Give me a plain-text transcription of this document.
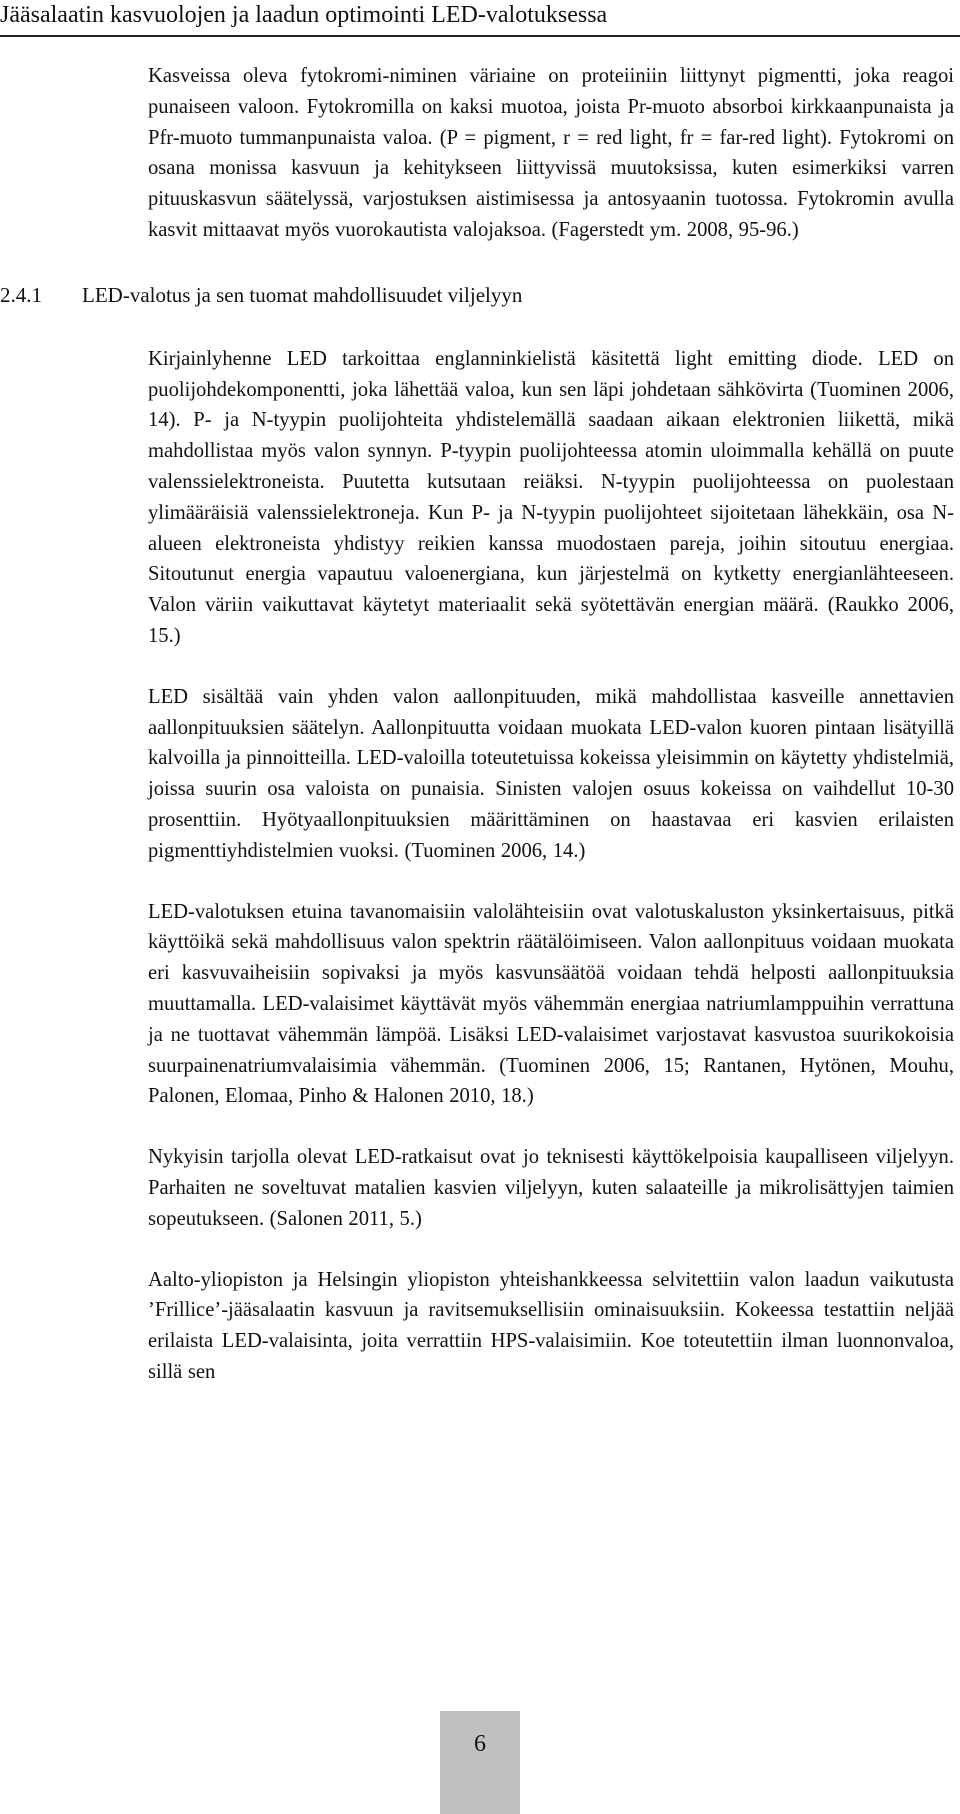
Jääsalaatin kasvuolojen ja laadun optimointi LED-valotuksessa

Kasveissa oleva fytokromi-niminen väriaine on proteiiniin liittynyt pigmentti, joka reagoi punaiseen valoon. Fytokromilla on kaksi muotoa, joista Pr-muoto absorboi kirkkaanpunaista ja Pfr-muoto tummanpunaista valoa. (P = pigment, r = red light, fr = far-red light). Fytokromi on osana monissa kasvuun ja kehitykseen liittyvissä muutoksissa, kuten esimerkiksi varren pituuskasvun säätelyssä, varjostuksen aistimisessa ja antosyaanin tuotossa. Fytokromin avulla kasvit mittaavat myös vuorokautista valojaksoa. (Fagerstedt ym. 2008, 95-96.)

2.4.1 LED-valotus ja sen tuomat mahdollisuudet viljelyyn

Kirjainlyhenne LED tarkoittaa englanninkielistä käsitettä light emitting diode. LED on puolijohdekomponentti, joka lähettää valoa, kun sen läpi johdetaan sähkövirta (Tuominen 2006, 14). P- ja N-tyypin puolijohteita yhdistelemällä saadaan aikaan elektronien liikettä, mikä mahdollistaa myös valon synnyn. P-tyypin puolijohteessa atomin uloimmalla kehällä on puute valenssielektroneista. Puutetta kutsutaan reiäksi. N-tyypin puolijohteessa on puolestaan ylimääräisiä valenssielektroneja. Kun P- ja N-tyypin puolijohteet sijoitetaan lähekkäin, osa N-alueen elektroneista yhdistyy reikien kanssa muodostaen pareja, joihin sitoutuu energiaa. Sitoutunut energia vapautuu valoenergiana, kun järjestelmä on kytketty energianlähteeseen. Valon väriin vaikuttavat käytetyt materiaalit sekä syötettävän energian määrä. (Raukko 2006, 15.)

LED sisältää vain yhden valon aallonpituuden, mikä mahdollistaa kasveille annettavien aallonpituuksien säätelyn. Aallonpituutta voidaan muokata LED-valon kuoren pintaan lisätyillä kalvoilla ja pinnoitteilla. LED-valoilla toteutetuissa kokeissa yleisimmin on käytetty yhdistelmiä, joissa suurin osa valoista on punaisia. Sinisten valojen osuus kokeissa on vaihdellut 10-30 prosenttiin. Hyötyaallonpituuksien määrittäminen on haastavaa eri kasvien erilaisten pigmenttiyhdistelmien vuoksi. (Tuominen 2006, 14.)

LED-valotuksen etuina tavanomaisiin valolähteisiin ovat valotuskaluston yksinkertaisuus, pitkä käyttöikä sekä mahdollisuus valon spektrin räätälöimiseen. Valon aallonpituus voidaan muokata eri kasvuvaiheisiin sopivaksi ja myös kasvunsäätöä voidaan tehdä helposti aallonpituuksia muuttamalla. LED-valaisimet käyttävät myös vähemmän energiaa natriumlamppuihin verrattuna ja ne tuottavat vähemmän lämpöä. Lisäksi LED-valaisimet varjostavat kasvustoa suurikokoisia suurpainenatriumvalaisimia vähemmän. (Tuominen 2006, 15; Rantanen, Hytönen, Mouhu, Palonen, Elomaa, Pinho & Halonen 2010, 18.)

Nykyisin tarjolla olevat LED-ratkaisut ovat jo teknisesti käyttökelpoisia kaupalliseen viljelyyn. Parhaiten ne soveltuvat matalien kasvien viljelyyn, kuten salaateille ja mikrolisättyjen taimien sopeutukseen. (Salonen 2011, 5.)

Aalto-yliopiston ja Helsingin yliopiston yhteishankkeessa selvitettiin valon laadun vaikutusta ’Frillice’-jääsalaatin kasvuun ja ravitsemuksellisiin ominaisuuksiin. Kokeessa testattiin neljää erilaista LED-valaisinta, joita verrattiin HPS-valaisimiin. Koe toteutettiin ilman luonnonvaloa, sillä sen

6
